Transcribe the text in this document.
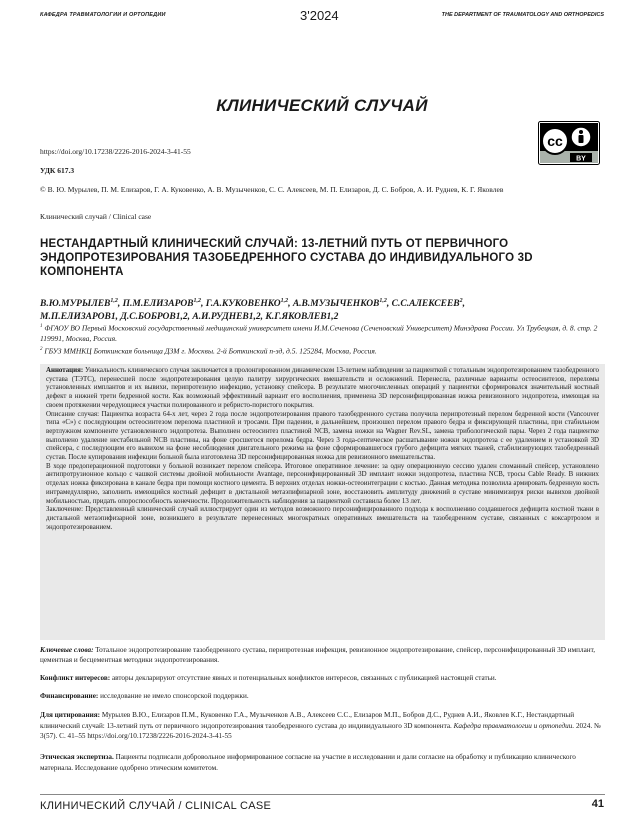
КАФЕДРА ТРАВМАТОЛОГИИ И ОРТОПЕДИИ	3'2024	THE DEPARTMENT OF TRAUMATOLOGY AND ORTHOPEDICS
КЛИНИЧЕСКИЙ СЛУЧАЙ
cc
BY
https://doi.org/10.17238/2226-2016-2024-3-41-55
УДК 617.3
© В. Ю. Мурылев, П. М. Елизаров, Г. А. Куковенко, А. В. Музыченков, С. С. Алексеев, М. П. Елизаров, Д. С. Бобров, А. И. Руднев, К. Г. Яковлев
Клинический случай / Clinical case
НЕСТАНДАРТНЫЙ КЛИНИЧЕСКИЙ СЛУЧАЙ: 13-ЛЕТНИЙ ПУТЬ ОТ ПЕРВИЧНОГО ЭНДОПРОТЕЗИРОВАНИЯ ТАЗОБЕДРЕННОГО СУСТАВА ДО ИНДИВИДУАЛЬНОГО 3D КОМПОНЕНТА
В.Ю.МУРЫЛЕВ$^{1,2}$, П.М.ЕЛИЗАРОВ$^{1,2}$, Г.А.КУКОВЕНКО$^{1,2}$, А.В.МУЗЫЧЕНКОВ$^{1,2}$, С.С.АЛЕКСЕЕВ$^2$,
М.П.ЕЛИЗАРОВ1, Д.С.БОБРОВ1,2, А.И.РУДНЕВ1,2, К.Г.ЯКОВЛЕВ1,2
$^1$ ФГАОУ ВО Первый Московский государственный медицинский университет имени И.М.Сеченова (Сеченовский Университет) Минздрава России. Ул Трубецкая, д. 8. стр. 2 119991, Москва, Россия.
$^2$ ГБУЗ ММНКЦ Боткинская больница ДЗМ г. Москвы. 2-й Боткинский п-зд, д.5. 125284, Москва, Россия.

Аннотация: Уникальность клинического случая заключается в пролонгированном динамическом 13-летнем наблюдении за пациенткой с тотальным эндопротезированием тазобедренного сустава (ТЭТС), перенесшей после эндопротезирования целую палитру хирургических вмешательств и осложнений. Перенесла, различные варианты остеосинтезов, переломы установленных имплантов и их вывихи, перипротезную инфекцию, установку спейсера. В результате многочисленных операций у пациентки сформировался значительный костный дефект в нижней трети бедренной кости. Как возможный эффективный вариант его восполнения, применена 3D персонифицированная ножка ревизионного эндопротеза, имеющая на своем протяжении чередующиеся участки полированного и ребристо-пористого покрытия.

Описание случая: Пациентка возраста 64-х лет, через 2 года после эндопротезирования правого тазобедренного сустава получила перипротезный перелом бедренной кости (Vancouver типа «С») с последующим остеосинтезом перелома пластиной и тросами. При падении, в дальнейшем, произошел перелом правого бедра и фиксирующей пластины, при стабильном вертлужном компоненте установленного эндопротеза. Выполнен остеосинтез пластиной NCB, замена ножки на Wagner Rev.SL, замена трибологической пары. Через 2 года пациентке выполнено удаление нестабильной NCB пластины, на фоне сросшегося перелома бедра. Через 3 года-септическое расшатывание ножки эндопротеза с ее удалением и установкой 3D спейсера, с последующим его вывихом на фоне несоблюдения двигательного режима на фоне сформировавшегося грубого дефицита мягких тканей, стабилизирующих тазобедренный сустав. После купирования инфекции больной была изготовлена 3D персонифицированная ножка для ревизионного вмешательства.

В ходе предоперационной подготовки у больной возникает перелом спейсера. Итоговое оперативное лечение: за одну операционную сессию удален сломанный спейсер, установлено антипротрузионное кольцо с чашкой системы двойной мобильности Avantage, персонифицированный 3D имплант ножки эндопротеза, пластина NCB, тросы Cable Ready. В нижних отделах ножка фиксирована в канале бедра при помощи костного цемента. В верхних отделах ножки-остеоинтеграции с костью. Данная методика позволила армировать бедренную кость интрамедуллярно, заполнить имеющийся костный дефицит в дистальной метаэпифизарной зоне, восстановить амплитуду движений в суставе минимизируя риски вывихов двойной мобильностью, придать опороспособность конечности. Продолжительность наблюдения за пациенткой составила более 13 лет.

Заключение: Представленный клинический случай иллюстрирует один из методов возможного персонифицированного подхода к восполнению создавшегося дефицита костной ткани в дистальной метаэпифизарной зоне, возникшего в результате перенесенных многократных оперативных вмешательств на тазобедренном суставе, связанных с коксартрозом и эндопротезированием.

Ключевые слова: Тотальное эндопротезирование тазобедренного сустава, перипротезная инфекция, ревизионное эндопротезирование, спейсер, персонифицированный 3D имплант, цементная и бесцементная методики эндопротезирования.
Конфликт интересов: авторы декларируют отсутствие явных и потенциальных конфликтов интересов, связанных с публикацией настоящей статьи.
Финансирование: исследование не имело спонсорской поддержки.
Для цитирования: Мурылев В.Ю., Елизаров П.М., Куковенко Г.А., Музыченков А.В., Алексеев С.С., Елизаров М.П., Бобров Д.С., Руднев А.И., Яковлев К.Г., Нестандартный клинический случай: 13-летний путь от первичного эндопротезирования тазобедренного сустава до индивидуального 3D компонента. Кафедра травматологии и ортопедии. 2024. № 3(57). С. 41–55 https://doi.org/10.17238/2226-2016-2024-3-41-55
Этическая экспертиза. Пациенты подписали добровольное информированное согласие на участие в исследовании и дали согласие на обработку и публикацию клинического материала. Исследование одобрено этическим комитетом.
КЛИНИЧЕСКИЙ СЛУЧАЙ / CLINICAL CASE	41
